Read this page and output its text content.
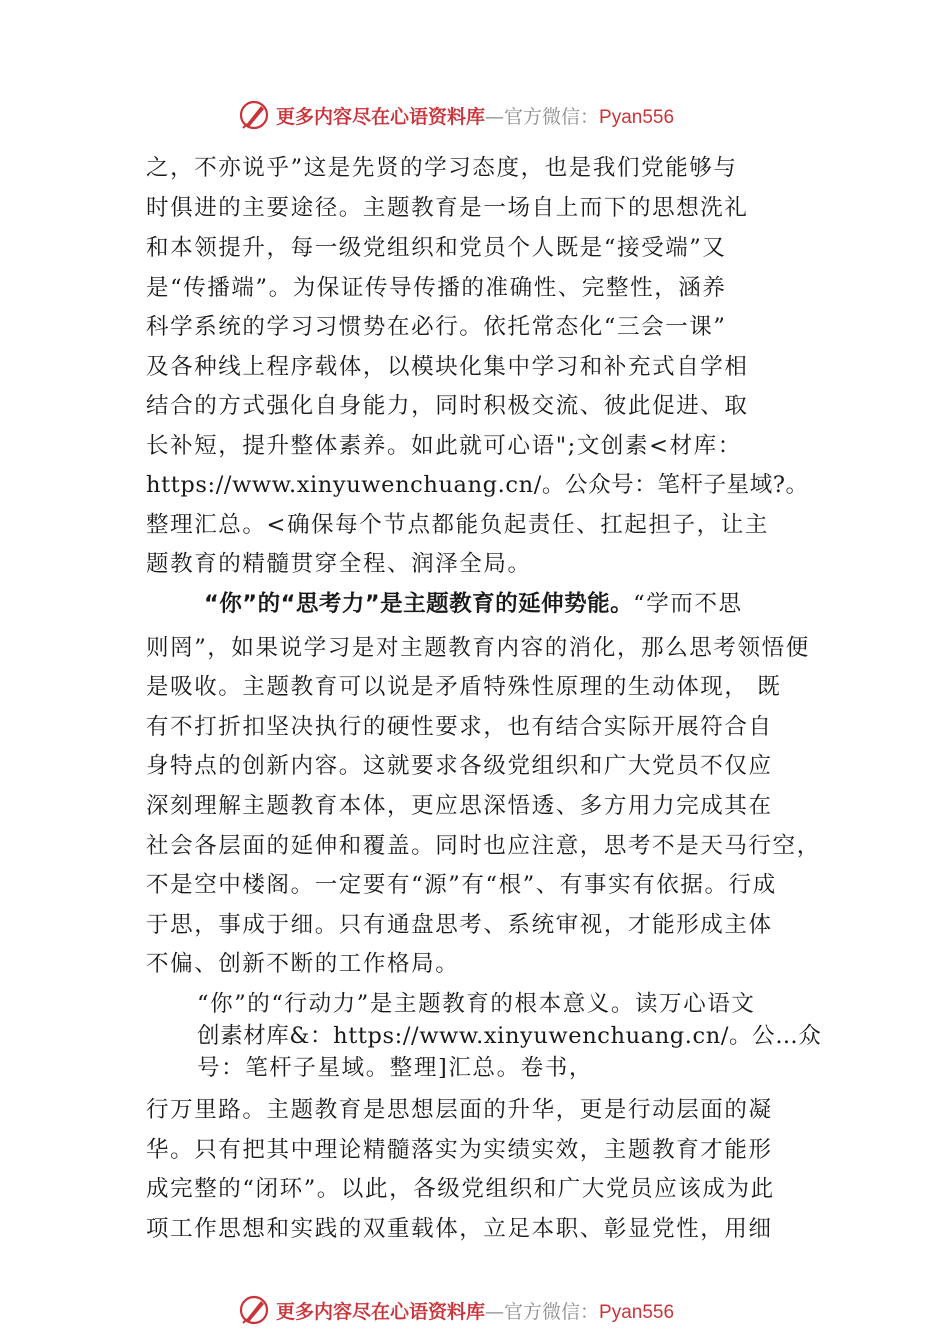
更多内容尽在心语资料库—官方微信：Pyan556
之，不亦说乎”这是先贤的学习态度，也是我们党能够与
时俱进的主要途径。主题教育是一场自上而下的思想洗礼
和本领提升，每一级党组织和党员个人既是“接受端”又
是“传播端”。为保证传导传播的准确性、完整性，涵养
科学系统的学习习惯势在必行。依托常态化“三会一课”
及各种线上程序载体，以模块化集中学习和补充式自学相
结合的方式强化自身能力，同时积极交流、彼此促进、取
长补短，提升整体素养。如此就可心语";文创素<材库：
https://www.xinyuwenchuang.cn/。公众号：笔杆子星域?。
整理汇总。<确保每个节点都能负起责任、扛起担子，让主
题教育的精髓贯穿全程、润泽全局。
“你”的“思考力”是主题教育的延伸势能。“学而不思
则罔”，如果说学习是对主题教育内容的消化，那么思考领悟便
是吸收。主题教育可以说是矛盾特殊性原理的生动体现， 既
有不打折扣坚决执行的硬性要求，也有结合实际开展符合自
身特点的创新内容。这就要求各级党组织和广大党员不仅应
深刻理解主题教育本体，更应思深悟透、多方用力完成其在
社会各层面的延伸和覆盖。同时也应注意，思考不是天马行空，
不是空中楼阁。一定要有“源”有“根”、有事实有依据。行成
于思，事成于细。只有通盘思考、系统审视，才能形成主体
不偏、创新不断的工作格局。
“你”的“行动力”是主题教育的根本意义。读万心语文
创素材库&：https://www.xinyuwenchuang.cn/。公…众
号：笔杆子星域。整理]汇总。卷书，
行万里路。主题教育是思想层面的升华，更是行动层面的凝
华。只有把其中理论精髓落实为实绩实效，主题教育才能形
成完整的“闭环”。以此，各级党组织和广大党员应该成为此
项工作思想和实践的双重载体，立足本职、彰显党性，用细
更多内容尽在心语资料库—官方微信：Pyan556
